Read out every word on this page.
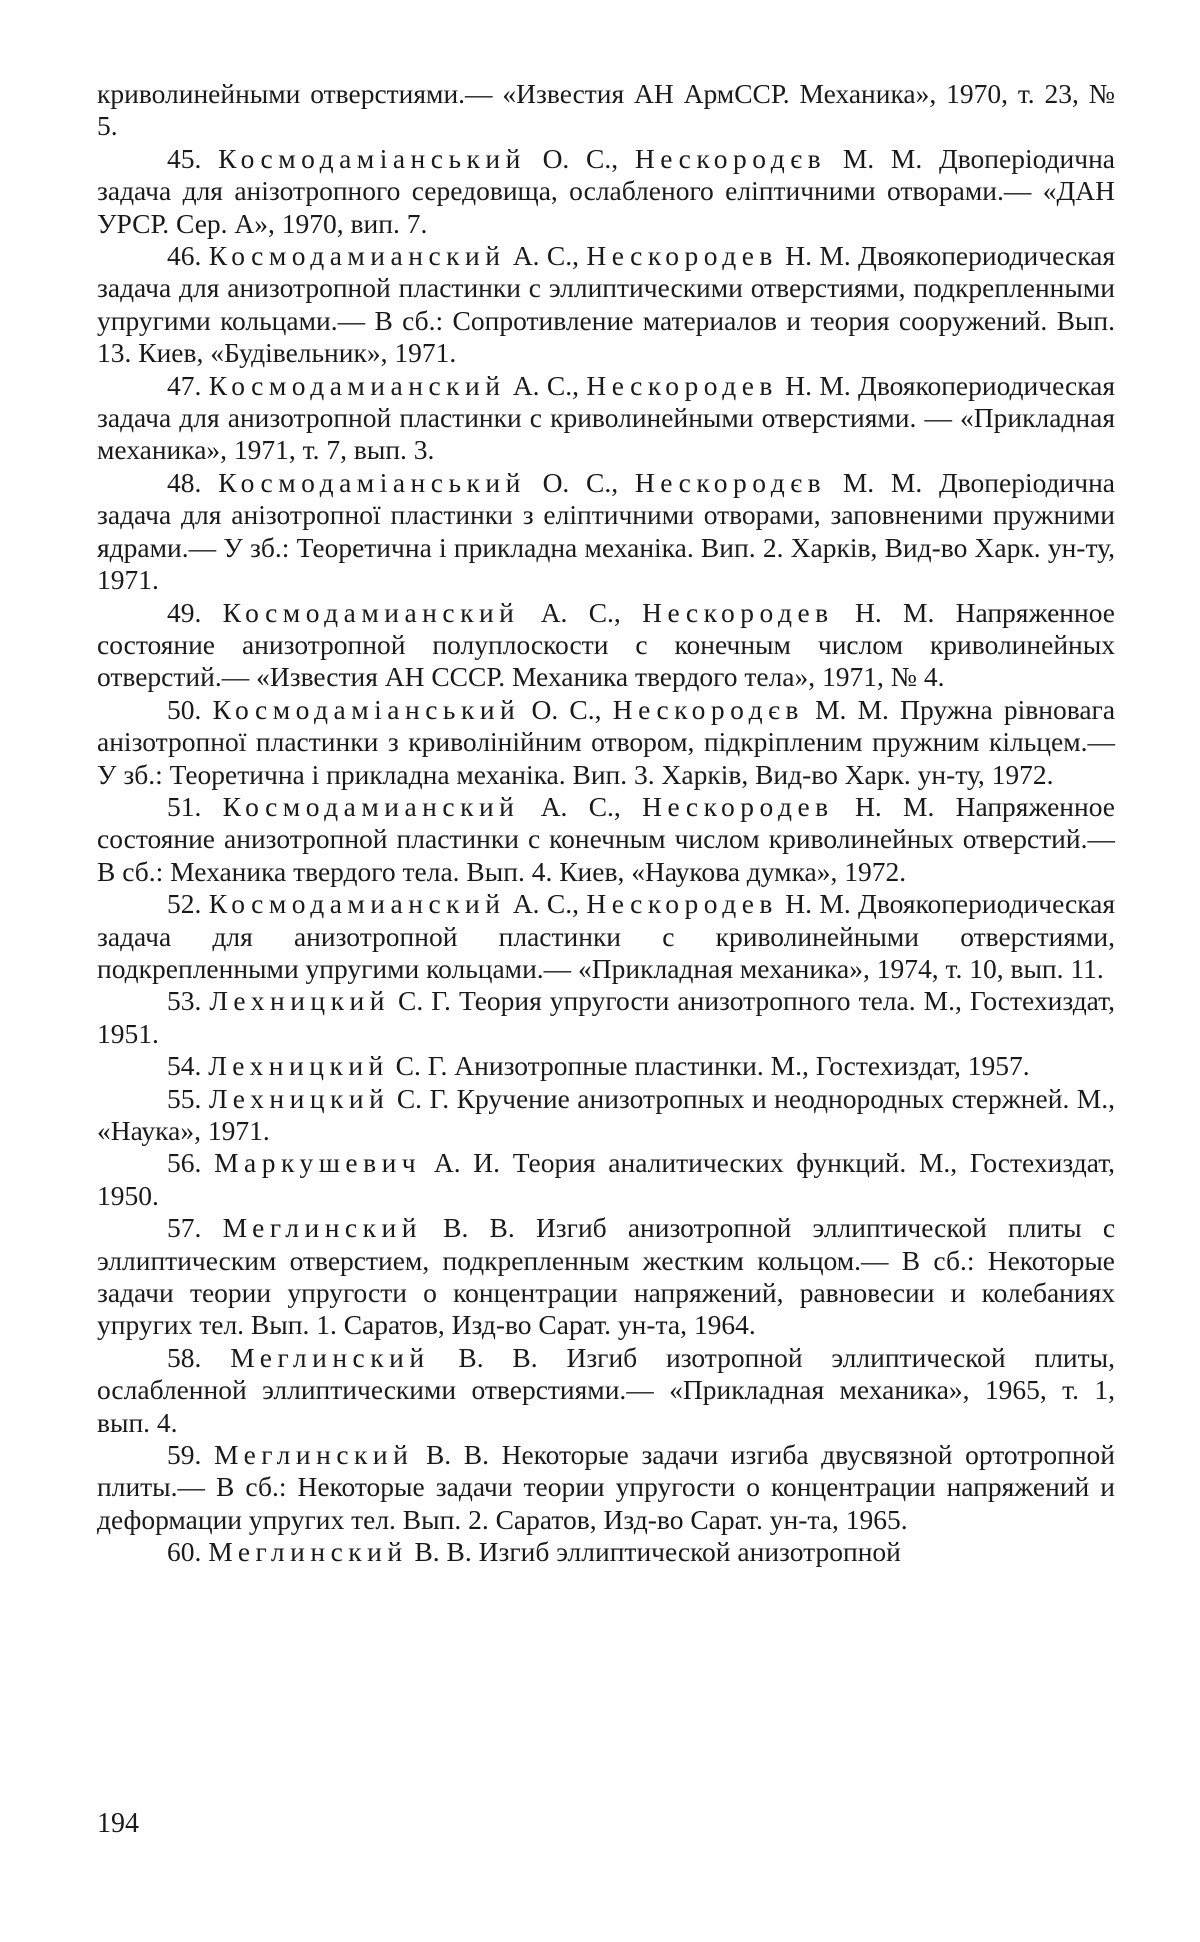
криволинейными отверстиями.— «Известия АН АрмССР. Механика», 1970, т. 23, № 5.

45. Космодаміанський О. С., Нескородєв М. М. Двоперіодична задача для анізотропного середовища, ослабленого еліптичними отворами.— «ДАН УРСР. Сер. А», 1970, вип. 7.

46. Космодамианский А. С., Нескородев Н. М. Двоякопериодическая задача для анизотропной пластинки с эллиптическими отверстиями, подкрепленными упругими кольцами.— В сб.: Сопротивление материалов и теория сооружений. Вып. 13. Киев, «Будівельник», 1971.

47. Космодамианский А. С., Нескородев Н. М. Двоякопериодическая задача для анизотропной пластинки с криволинейными отверстиями. — «Прикладная механика», 1971, т. 7, вып. 3.

48. Космодаміанський О. С., Нескородєв М. М. Двоперіодична задача для анізотропної пластинки з еліптичними отворами, заповненими пружними ядрами.— У зб.: Теоретична і прикладна механіка. Вип. 2. Харків, Вид-во Харк. ун-ту, 1971.

49. Космодамианский А. С., Нескородев Н. М. Напряженное состояние анизотропной полуплоскости с конечным числом криволинейных отверстий.— «Известия АН СССР. Механика твердого тела», 1971, № 4.

50. Космодаміанський О. С., Нескородєв М. М. Пружна рівновага анізотропної пластинки з криволінійним отвором, підкріпленим пружним кільцем.— У зб.: Теоретична і прикладна механіка. Вип. 3. Харків, Вид-во Харк. ун-ту, 1972.

51. Космодамианский А. С., Нескородев Н. М. Напряженное состояние анизотропной пластинки с конечным числом криволинейных отверстий.— В сб.: Механика твердого тела. Вып. 4. Киев, «Наукова думка», 1972.

52. Космодамианский А. С., Нескородев Н. М. Двоякопериодическая задача для анизотропной пластинки с криволинейными отверстиями, подкрепленными упругими кольцами.— «Прикладная механика», 1974, т. 10, вып. 11.

53. Лехницкий С. Г. Теория упругости анизотропного тела. М., Гостехиздат, 1951.

54. Лехницкий С. Г. Анизотропные пластинки. М., Гостехиздат, 1957.

55. Лехницкий С. Г. Кручение анизотропных и неоднородных стержней. М., «Наука», 1971.

56. Маркушевич А. И. Теория аналитических функций. М., Гостехиздат, 1950.

57. Меглинский В. В. Изгиб анизотропной эллиптической плиты с эллиптическим отверстием, подкрепленным жестким кольцом.— В сб.: Некоторые задачи теории упругости о концентрации напряжений, равновесии и колебаниях упругих тел. Вып. 1. Саратов, Изд-во Сарат. ун-та, 1964.

58. Меглинский В. В. Изгиб изотропной эллиптической плиты, ослабленной эллиптическими отверстиями.— «Прикладная механика», 1965, т. 1, вып. 4.

59. Меглинский В. В. Некоторые задачи изгиба двусвязной ортотропной плиты.— В сб.: Некоторые задачи теории упругости о концентрации напряжений и деформации упругих тел. Вып. 2. Саратов, Изд-во Сарат. ун-та, 1965.

60. Меглинский В. В. Изгиб эллиптической анизотропной

194
